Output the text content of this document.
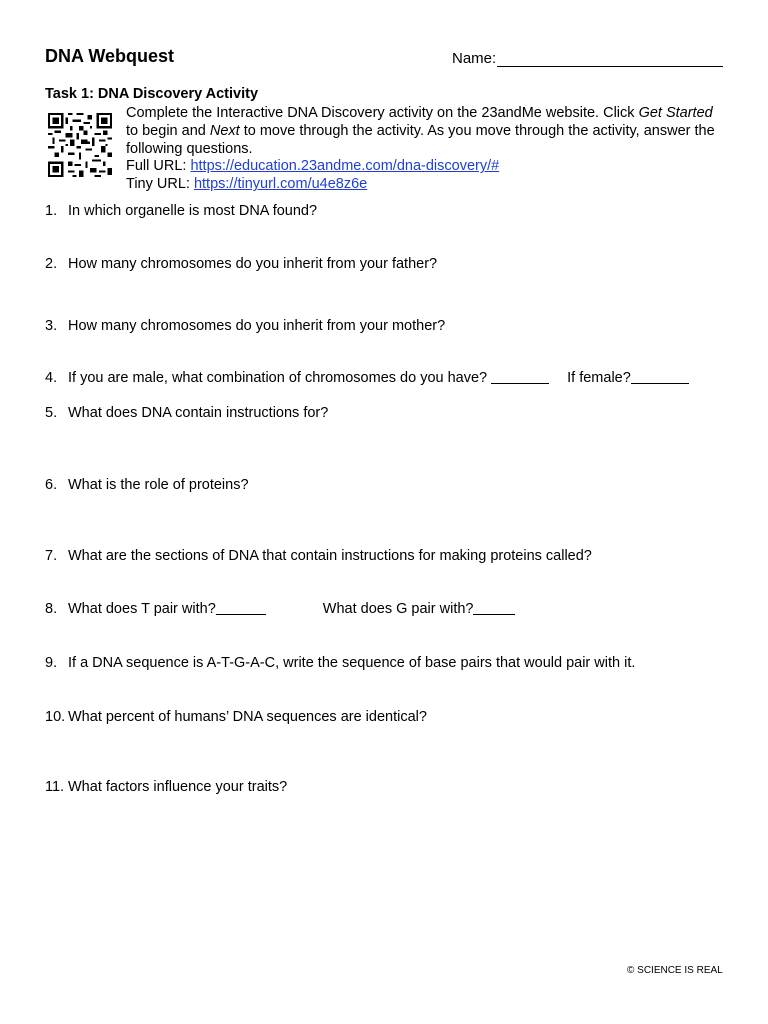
DNA Webquest	Name:
Task 1: DNA Discovery Activity
Complete the Interactive DNA Discovery activity on the 23andMe website. Click Get Started to begin and Next to move through the activity. As you move through the activity, answer the following questions.
Full URL: https://education.23andme.com/dna-discovery/#
Tiny URL: https://tinyurl.com/u4e8z6e
1. In which organelle is most DNA found?
2. How many chromosomes do you inherit from your father?
3. How many chromosomes do you inherit from your mother?
4. If you are male, what combination of chromosomes do you have?	If female?
5. What does DNA contain instructions for?
6. What is the role of proteins?
7. What are the sections of DNA that contain instructions for making proteins called?
8. What does T pair with?	What does G pair with?
9. If a DNA sequence is A-T-G-A-C, write the sequence of base pairs that would pair with it.
10. What percent of humans’ DNA sequences are identical?
11. What factors influence your traits?
© SCIENCE IS REAL
